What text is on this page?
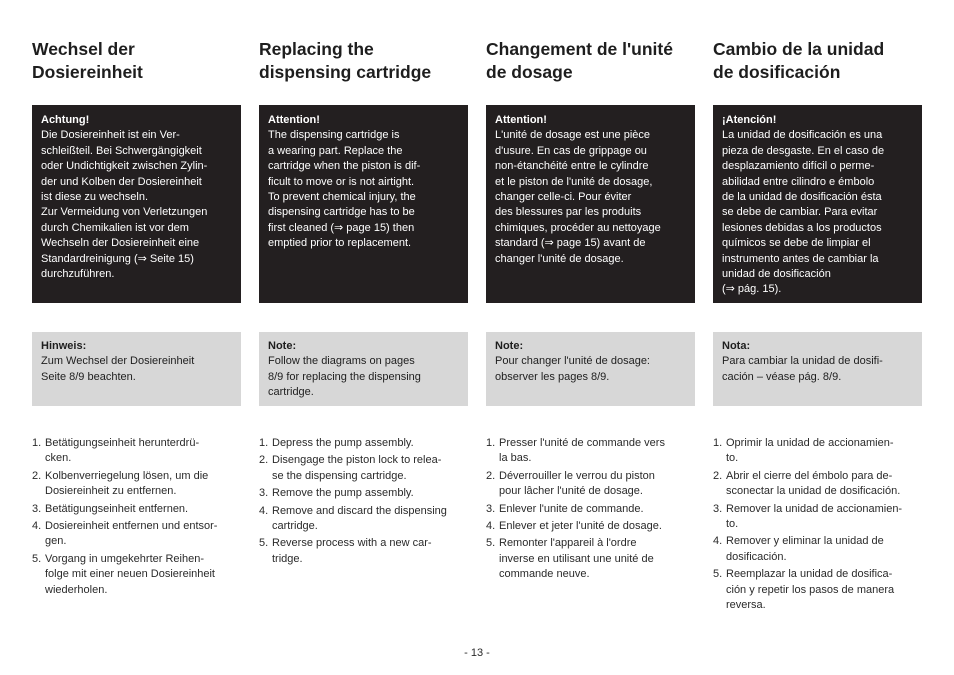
Wechsel der
Dosiereinheit
Achtung!
Die Dosiereinheit ist ein Ver-
schleißteil. Bei Schwergängigkeit
oder Undichtigkeit zwischen Zylin-
der und Kolben der Dosiereinheit
ist diese zu wechseln.
Zur Vermeidung von Verletzungen
durch Chemikalien ist vor dem
Wechseln der Dosiereinheit eine
Standardreinigung (⇒ Seite 15)
durchzuführen.
Hinweis:
Zum Wechsel der Dosiereinheit
Seite 8/9 beachten.
1. Betätigungseinheit herunterdrü-
cken.
2. Kolbenverriegelung lösen, um die
Dosiereinheit zu entfernen.
3. Betätigungseinheit entfernen.
4. Dosiereinheit entfernen und entsor-
gen.
5. Vorgang in umgekehrter Reihen-
folge mit einer neuen Dosiereinheit
wiederholen.
Replacing the
dispensing cartridge
Attention!
The dispensing cartridge is
a wearing part. Replace the
cartridge when the piston is dif-
ficult to move or is not airtight.
To prevent chemical injury, the
dispensing cartridge has to be
first cleaned (⇒ page 15) then
emptied prior to replacement.
Note:
Follow the diagrams on pages
8/9 for replacing the dispensing
cartridge.
1. Depress the pump assembly.
2. Disengage the piston lock to relea-
se the dispensing cartridge.
3. Remove the pump assembly.
4. Remove and discard the dispensing
cartridge.
5. Reverse process with a new car-
tridge.
Changement de l'unité
de dosage
Attention!
L'unité de dosage est une pièce
d'usure. En cas de grippage ou
non-étanchéité entre le cylindre
et le piston de l'unité de dosage,
changer celle-ci. Pour éviter
des blessures par les produits
chimiques, procéder au nettoyage
standard (⇒ page 15) avant de
changer l'unité de dosage.
Note:
Pour changer l'unité de dosage:
observer les pages 8/9.
1. Presser l'unité de commande vers
la bas.
2. Déverrouiller le verrou du piston
pour lâcher l'unité de dosage.
3. Enlever l'unite de commande.
4. Enlever et jeter l'unité de dosage.
5. Remonter l'appareil à l'ordre
inverse en utilisant une unité de
commande neuve.
Cambio de la unidad
de dosificación
¡Atención!
La unidad de dosificación es una
pieza de desgaste. En el caso de
desplazamiento difícil o perme-
abilidad entre cilindro e émbolo
de la unidad de dosificación ésta
se debe de cambiar. Para evitar
lesiones debidas a los productos
químicos se debe de limpiar el
instrumento antes de cambiar la
unidad de dosificación
(⇒ pág. 15).
Nota:
Para cambiar la unidad de dosifi-
cación – véase pág. 8/9.
1. Oprimir la unidad de accionamien-
to.
2. Abrir el cierre del émbolo para de-
sconectar la unidad de dosificación.
3. Remover la unidad de accionamien-
to.
4. Remover y eliminar la unidad de
dosificación.
5. Reemplazar la unidad de dosifica-
ción y repetir los pasos de manera
reversa.
- 13 -
